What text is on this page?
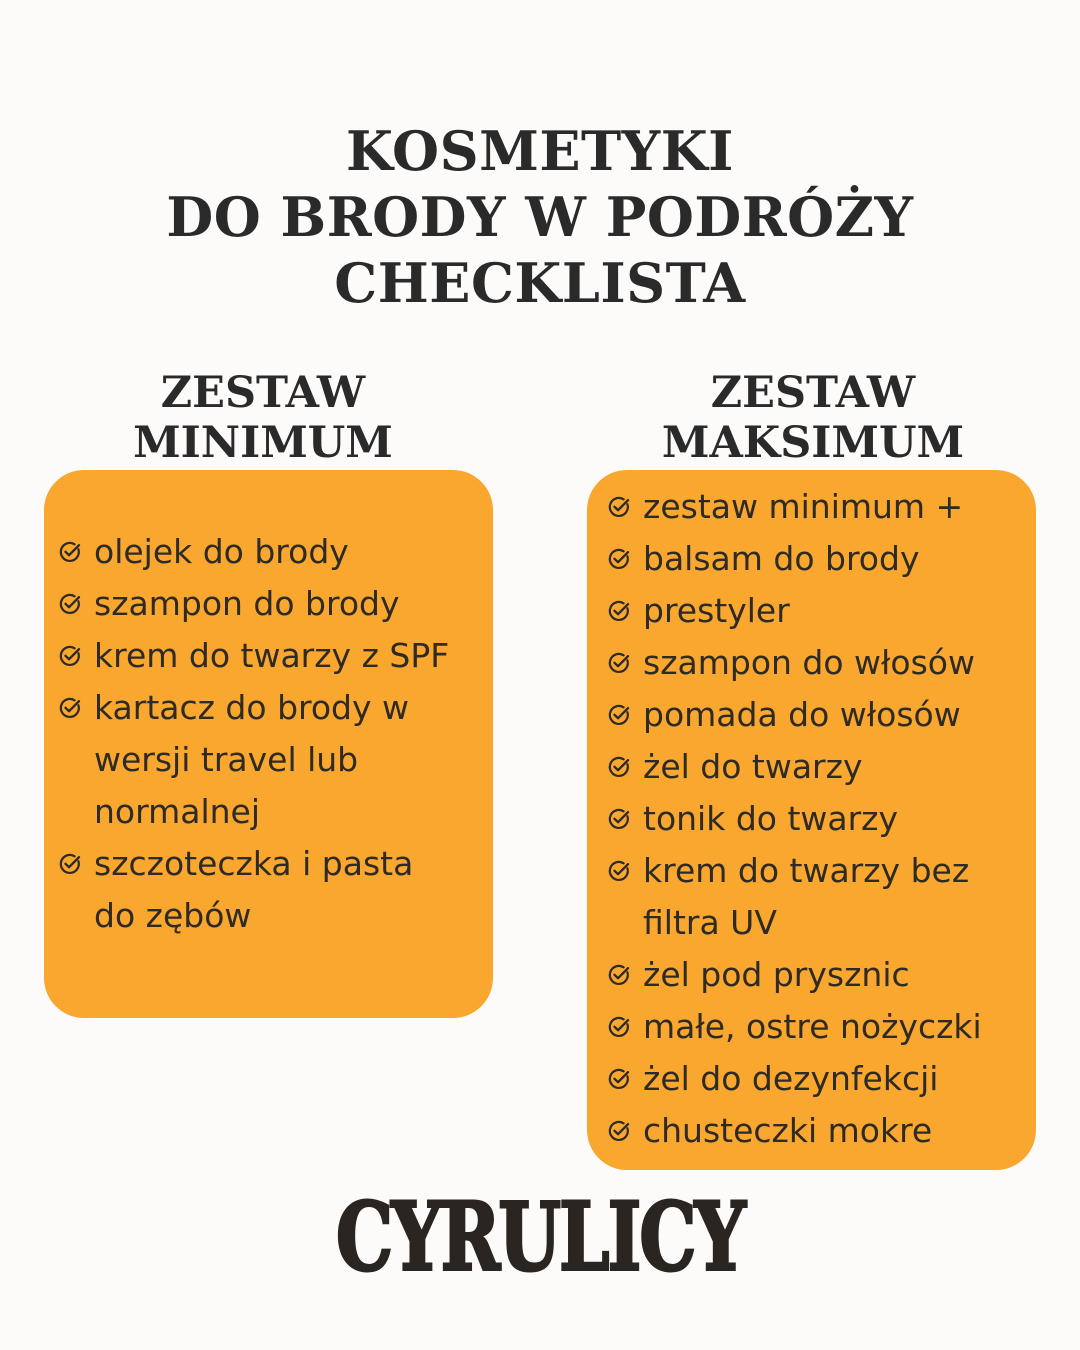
KOSMETYKI
DO BRODY W PODRÓŻY
CHECKLISTA
ZESTAW
MINIMUM
ZESTAW
MAKSIMUM
olejek do brody
szampon do brody
krem do twarzy z SPF
kartacz do brody w
wersji travel lub
normalnej
szczoteczka i pasta
do zębów
zestaw minimum +
balsam do brody
prestyler
szampon do włosów
pomada do włosów
żel do twarzy
tonik do twarzy
krem do twarzy bez
filtra UV
żel pod prysznic
małe, ostre nożyczki
żel do dezynfekcji
chusteczki mokre
CYRULICY
